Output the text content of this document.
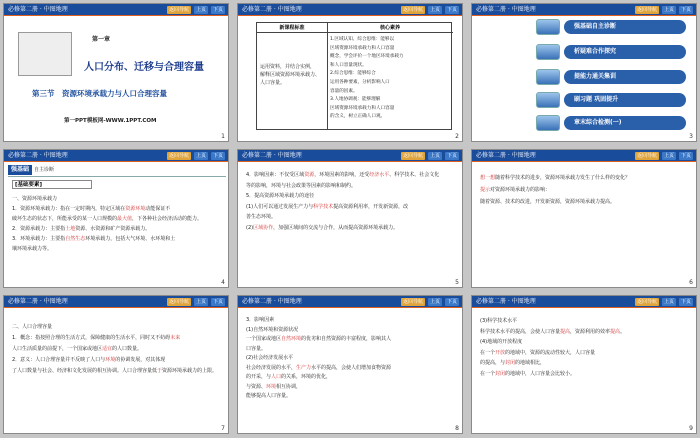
必修第二册 · 中图地理	返回导航	上页	下页
第一章
人口分布、迁移与合理容量
第三节　资源环境承载力与人口合理容量
第一PPT模板网-WWW.1PPT.COM
1
必修第二册 · 中图地理	返回导航	上页	下页
新课程标准	核心素养
运用资料，并结合实例，
解释区域资源环境承载力、
人口容量。
1.区域认知、综合思维：能够以
区域资源环境承载力和人口容量
概念，学会评价一个地区环境承载力
和人口容量现状。
2.综合思维：能够综合
运用各种要素，分析影响人口
容量的因素。
3.人地协调观：能够理解
区域资源环境承载力和人口容量
的含义，树立正确人口观。
2
必修第二册 · 中图地理	返回导航	上页	下页
强基础自主诊断
析疑难合作探究
提能力通关集训
刷习题 巩固提升
章末综合检测(一)
3
必修第二册 · 中图地理	返回导航	上页	下页
强基础 自主诊断
[基础要素]
一、资源环境承载力
1．资源环境承载力：指在一定时期内，特定区域在资源环境动能保证不
破坏生态的状态下，所能承受的某一人口规模的最大值，下各种社会经济活动的能力。
2．资源承载力：主要指土地资源、水资源和矿产资源承载力。
3．环境承载力：主要指自然生态环境承载力，包括大气环境、水环境和土
壤环境承载力等。
4
必修第二册 · 中图地理	返回导航	上页	下页
4．影响因素：不仅受区域资源，环境因素的影响，还受经济水平、科学技术、社会文化
等的影响，环境与社会政策等因素的影响和制约。
5．提高资源环境承载力的途径
(1)人们可以通过发展生产力与科学技术提高资源利用率，开发新资源，改
善生态环境。
(2)区域协作，加强区域间的交流与合作，从而提高资源环境承载力。
5
必修第二册 · 中图地理	返回导航	上页	下页
想一想随着科学技术的进步，资源环境承载力发生了什么样的变化？
提示对资源环境承载力的影响：
随着资源、技术的改进，开发新资源，资源环境承载力提高。
6
必修第二册 · 中图地理	返回导航	上页	下页
二、人口合理容量
1．概念：指按照合理的生活方式，保障健康的生活水平，同时又不妨碍未来
人口生活质量的前提下，一个国家或地区适宜的人口数量。
2．意义：人口合理容量并不反映了人口与环境的协调发展，对其体现
了人口数量与社会、经济和文化发展的相互协调。人口合理容量低于资源环境承载力的上限。
7
必修第二册 · 中图地理	返回导航	上页	下页
3．影响因素
(1)自然环境和资源状况
一个国家或地区自然环境的优劣和自然资源的丰富程度，影响其人
口容量。
(2)社会经济发展水平
社会经济发展的水平，生产力水平的提高，会使人们增加食物资源
的开采，与人口的关系，环境的优化，
与资源、环境相互协调，
能够提高人口容量。
8
必修第二册 · 中图地理	返回导航	上页	下页
(3)科学技术水平
科学技术水平的提高，会使人口容量提高，资源利用的效率提高。
(4)地域的开放程度
在一个开放的地域中，资源的流动性较大，人口容量
的提高，与封闭的地域相比，
在一个封闭的地域中，人口容量会比较小。
9
